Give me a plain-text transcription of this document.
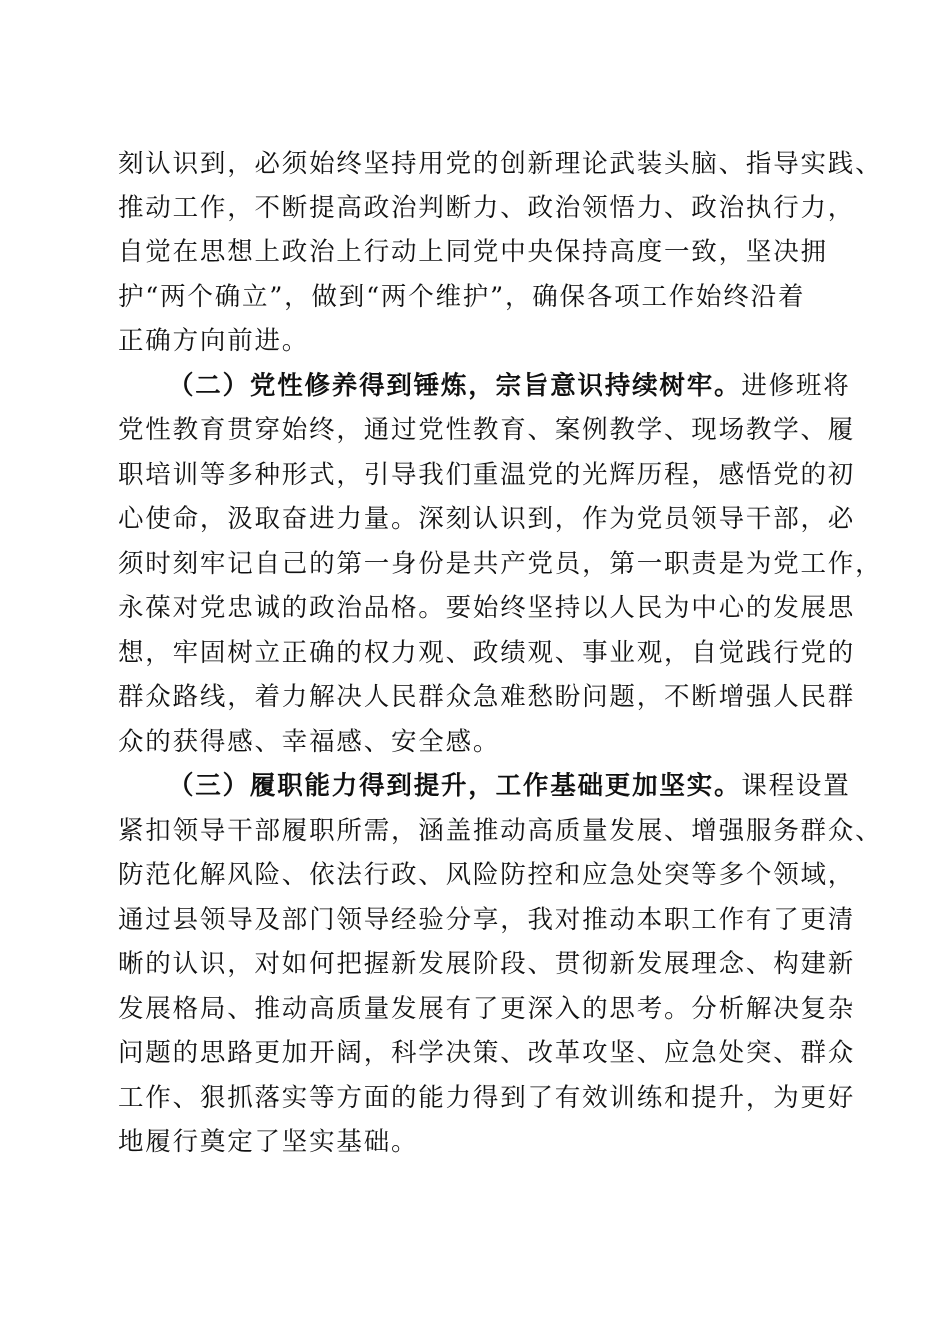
刻认识到，必须始终坚持用党的创新理论武装头脑、指导实践、
推动工作，不断提高政治判断力、政治领悟力、政治执行力，
自觉在思想上政治上行动上同党中央保持高度一致，坚决拥
护“两个确立”，做到“两个维护”，确保各项工作始终沿着
正确方向前进。
（二）党性修养得到锤炼，宗旨意识持续树牢。进修班将
党性教育贯穿始终，通过党性教育、案例教学、现场教学、履
职培训等多种形式，引导我们重温党的光辉历程，感悟党的初
心使命，汲取奋进力量。深刻认识到，作为党员领导干部，必
须时刻牢记自己的第一身份是共产党员，第一职责是为党工作，
永葆对党忠诚的政治品格。要始终坚持以人民为中心的发展思
想，牢固树立正确的权力观、政绩观、事业观，自觉践行党的
群众路线，着力解决人民群众急难愁盼问题，不断增强人民群
众的获得感、幸福感、安全感。
（三）履职能力得到提升，工作基础更加坚实。课程设置
紧扣领导干部履职所需，涵盖推动高质量发展、增强服务群众、
防范化解风险、依法行政、风险防控和应急处突等多个领域，
通过县领导及部门领导经验分享，我对推动本职工作有了更清
晰的认识，对如何把握新发展阶段、贯彻新发展理念、构建新
发展格局、推动高质量发展有了更深入的思考。分析解决复杂
问题的思路更加开阔，科学决策、改革攻坚、应急处突、群众
工作、狠抓落实等方面的能力得到了有效训练和提升，为更好
地履行奠定了坚实基础。
